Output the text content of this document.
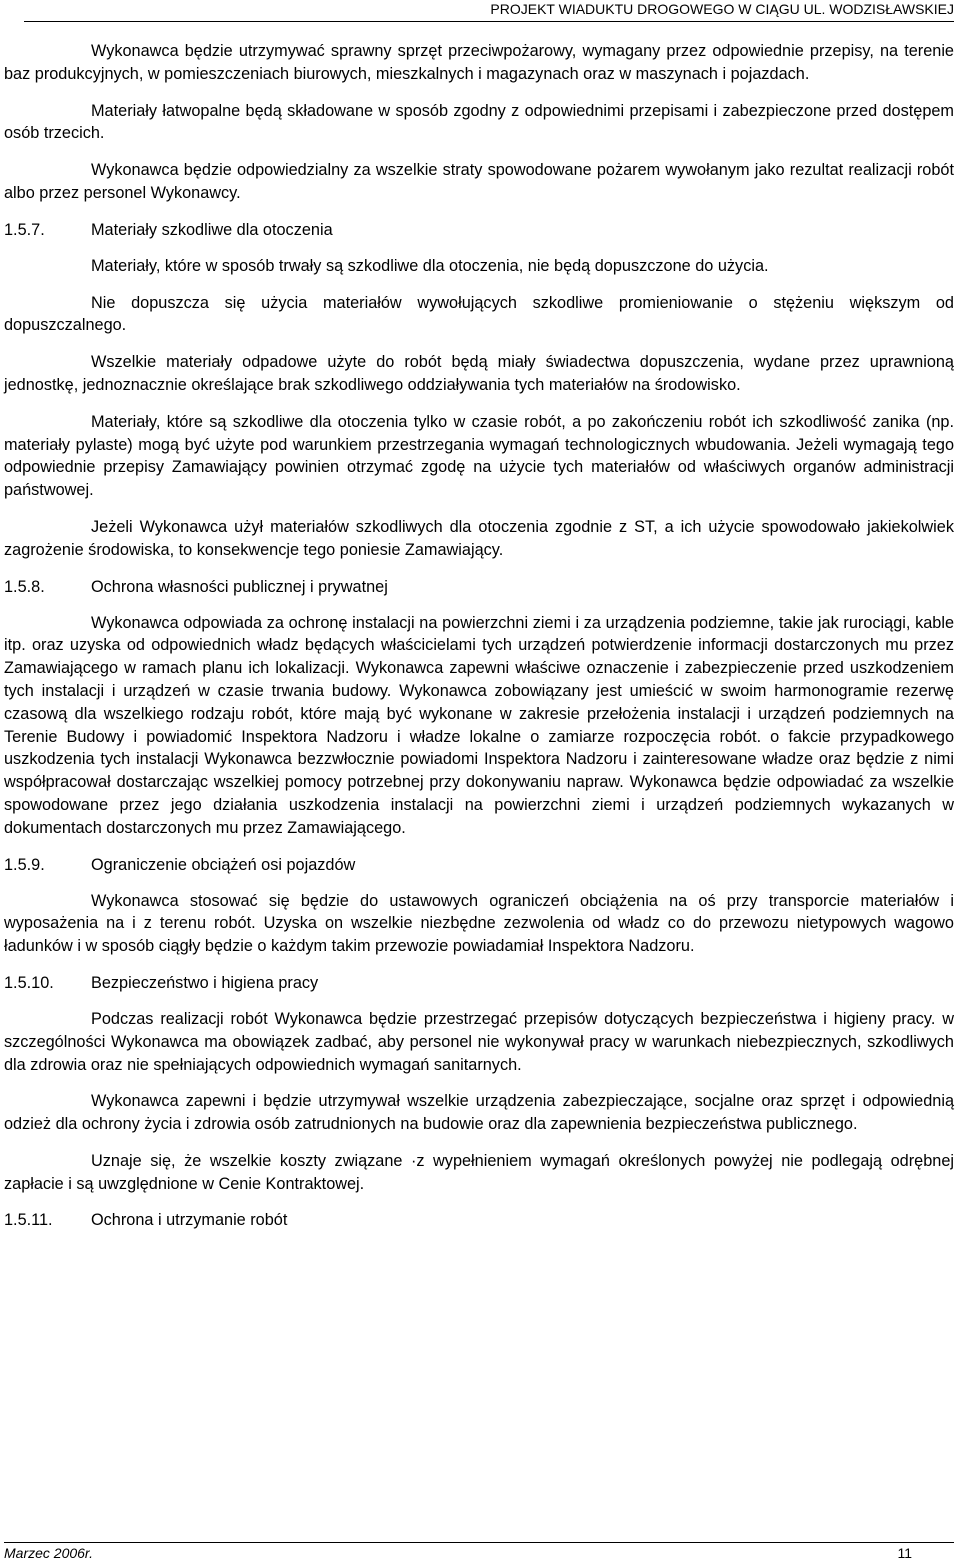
PROJEKT WIADUKTU DROGOWEGO W CIĄGU UL. WODZISŁAWSKIEJ

Wykonawca będzie utrzymywać sprawny sprzęt przeciwpożarowy, wymagany przez odpowiednie przepisy, na terenie baz produkcyjnych, w pomieszczeniach biurowych, mieszkalnych i magazynach oraz w maszynach i pojazdach.

Materiały łatwopalne będą składowane w sposób zgodny z odpowiednimi przepisami i zabezpieczone przed dostępem osób trzecich.

Wykonawca będzie odpowiedzialny za wszelkie straty spowodowane pożarem wywołanym jako rezultat realizacji robót albo przez personel Wykonawcy.

1.5.7.	Materiały szkodliwe dla otoczenia

Materiały, które w sposób trwały są szkodliwe dla otoczenia, nie będą dopuszczone do użycia.

Nie dopuszcza się użycia materiałów wywołujących szkodliwe promieniowanie o stężeniu większym od dopuszczalnego.

Wszelkie materiały odpadowe użyte do robót będą miały świadectwa dopuszczenia, wydane przez uprawnioną jednostkę, jednoznacznie określające brak szkodliwego oddziaływania tych materiałów na środowisko.

Materiały, które są szkodliwe dla otoczenia tylko w czasie robót, a po zakończeniu robót ich szkodliwość zanika (np. materiały pylaste) mogą być użyte pod warunkiem przestrzegania wymagań technologicznych wbudowania. Jeżeli wymagają tego odpowiednie przepisy Zamawiający powinien otrzymać zgodę na użycie tych materiałów od właściwych organów administracji państwowej.

Jeżeli Wykonawca użył materiałów szkodliwych dla otoczenia zgodnie z ST, a ich użycie spowodowało jakiekolwiek zagrożenie środowiska, to konsekwencje tego poniesie Zamawiający.

1.5.8.	Ochrona własności publicznej i prywatnej

Wykonawca odpowiada za ochronę instalacji na powierzchni ziemi i za urządzenia podziemne, takie jak rurociągi, kable itp. oraz uzyska od odpowiednich władz będących właścicielami tych urządzeń potwierdzenie informacji dostarczonych mu przez Zamawiającego w ramach planu ich lokalizacji. Wykonawca zapewni właściwe oznaczenie i zabezpieczenie przed uszkodzeniem tych instalacji i urządzeń w czasie trwania budowy. Wykonawca zobowiązany jest umieścić w swoim harmonogramie rezerwę czasową dla wszelkiego rodzaju robót, które mają być wykonane w zakresie przełożenia instalacji i urządzeń podziemnych na Terenie Budowy i powiadomić Inspektora Nadzoru i władze lokalne o zamiarze rozpoczęcia robót. o fakcie przypadkowego uszkodzenia tych instalacji Wykonawca bezzwłocznie powiadomi Inspektora Nadzoru i zainteresowane władze oraz będzie z nimi współpracował dostarczając wszelkiej pomocy potrzebnej przy dokonywaniu napraw. Wykonawca będzie odpowiadać za wszelkie spowodowane przez jego działania uszkodzenia instalacji na powierzchni ziemi i urządzeń podziemnych wykazanych w dokumentach dostarczonych mu przez Zamawiającego.

1.5.9.	Ograniczenie obciążeń osi pojazdów

Wykonawca stosować się będzie do ustawowych ograniczeń obciążenia na oś przy transporcie materiałów i wyposażenia na i z terenu robót. Uzyska on wszelkie niezbędne zezwolenia od władz co do przewozu nietypowych wagowo ładunków i w sposób ciągły będzie o każdym takim przewozie powiadamiał Inspektora Nadzoru.

1.5.10.	Bezpieczeństwo i higiena pracy

Podczas realizacji robót Wykonawca będzie przestrzegać przepisów dotyczących bezpieczeństwa i higieny pracy. w szczególności Wykonawca ma obowiązek zadbać, aby personel nie wykonywał pracy w warunkach niebezpiecznych, szkodliwych dla zdrowia oraz nie spełniających odpowiednich wymagań sanitarnych.

Wykonawca zapewni i będzie utrzymywał wszelkie urządzenia zabezpieczające, socjalne oraz sprzęt i odpowiednią odzież dla ochrony życia i zdrowia osób zatrudnionych na budowie oraz dla zapewnienia bezpieczeństwa publicznego.

Uznaje się, że wszelkie koszty związane ·z wypełnieniem wymagań określonych powyżej nie podlegają odrębnej zapłacie i są uwzględnione w Cenie Kontraktowej.

1.5.11.	Ochrona i utrzymanie robót
Marzec 2006r.	11
